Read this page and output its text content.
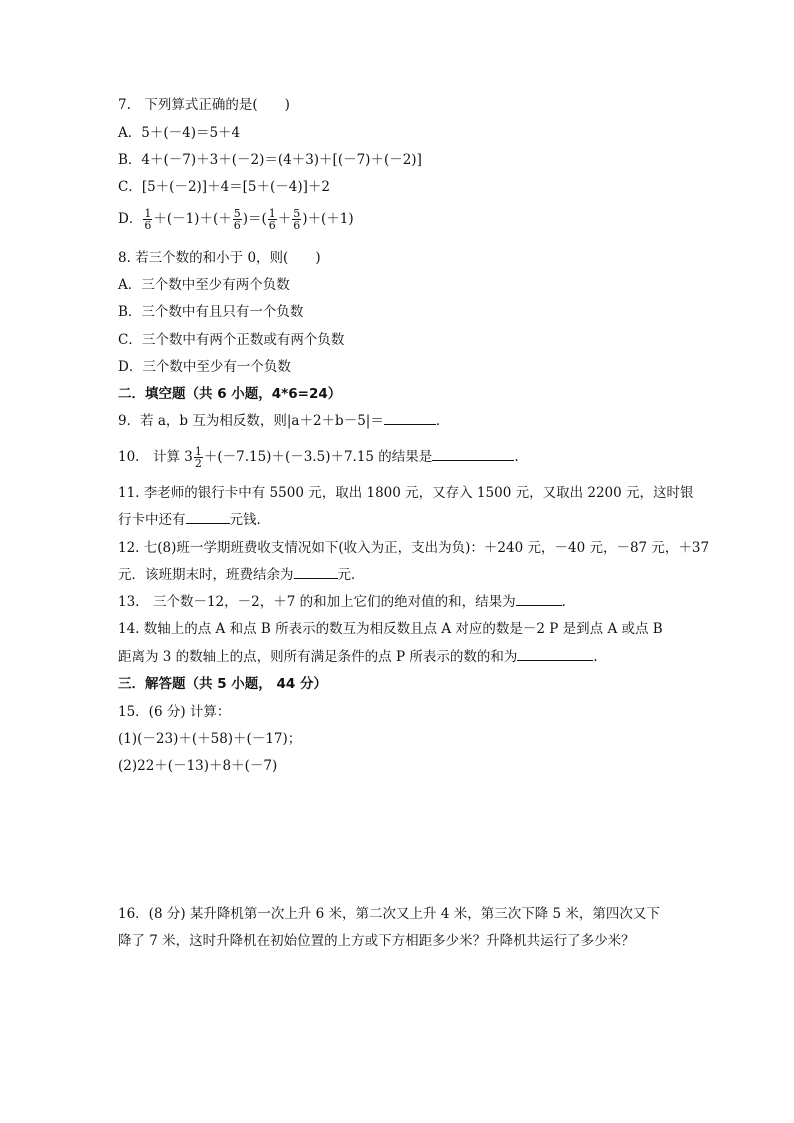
7.　下列算式正确的是(　　)
A．5＋(－4)＝5＋4
B．4＋(－7)＋3＋(－2)＝(4＋3)＋[(－7)＋(－2)]
C．[5＋(－2)]＋4＝[5＋(－4)]＋2
D． $\frac{1}{6} +(-1)+(+ \frac{5}{6}$ )＝( $\frac{1}{6} + \frac{5}{6} )+(+1)$
8. 若三个数的和小于 0，则(　　)
A．三个数中至少有两个负数
B．三个数中有且只有一个负数
C．三个数中有两个正数或有两个负数
D．三个数中至少有一个负数
二．填空题（共 6 小题，4*6=24）
9．若 a，b 互为相反数，则|a＋2＋b－5|＝	．
10.　计算 $3 \frac{1}{2} +(-7.15)+(-3.5)+7.15$ 的结果是	.
11. 李老师的银行卡中有 5500 元，取出 1800 元，又存入 1500 元，又取出 2200 元，这时银
行卡中还有	元钱．
12. 七(8)班一学期班费收支情况如下(收入为正，支出为负)：＋240 元，－40 元，－87 元，＋37
元．该班期末时，班费结余为	元．
13.　三个数－12，－2，＋7 的和加上它们的绝对值的和，结果为	．
14. 数轴上的点 A 和点 B 所表示的数互为相反数且点 A 对应的数是－2 P 是到点 A 或点 B
距离为 3 的数轴上的点，则所有满足条件的点 P 所表示的数的和为	.
三．解答题（共 5 小题， 44 分）
15．(6 分) 计算：
(1)(－23)＋(＋58)＋(－17)；
(2)22＋(－13)＋8＋(－7)
16．(8 分) 某升降机第一次上升 6 米，第二次又上升 4 米，第三次下降 5 米，第四次又下
降了 7 米，这时升降机在初始位置的上方或下方相距多少米？升降机共运行了多少米？
